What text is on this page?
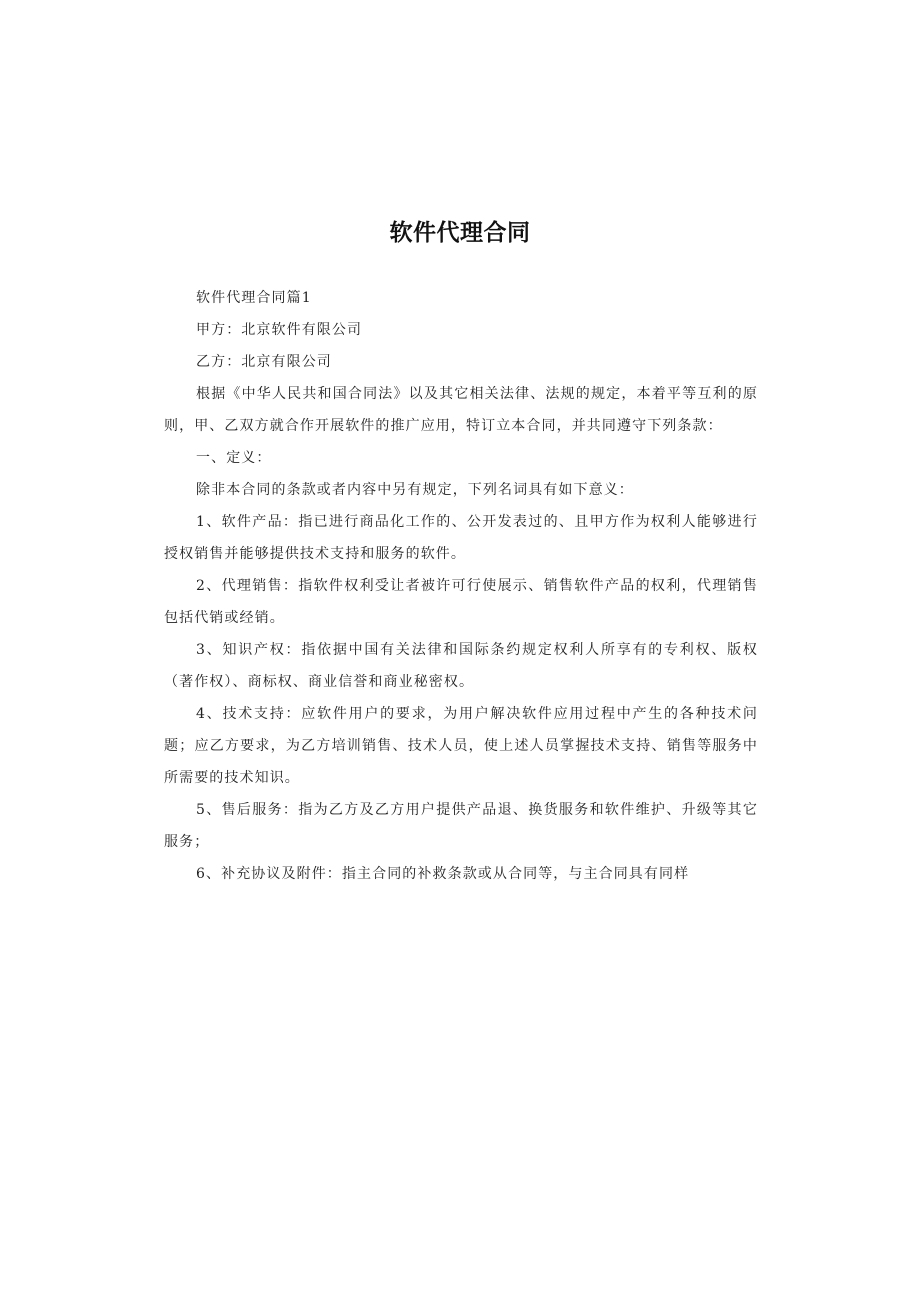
软件代理合同

软件代理合同篇1

甲方：北京软件有限公司

乙方：北京有限公司

根据《中华人民共和国合同法》以及其它相关法律、法规的规定，本着平等互利的原则，甲、乙双方就合作开展软件的推广应用，特订立本合同，并共同遵守下列条款：

一、定义：

除非本合同的条款或者内容中另有规定，下列名词具有如下意义：

1、软件产品：指已进行商品化工作的、公开发表过的、且甲方作为权利人能够进行授权销售并能够提供技术支持和服务的软件。

2、代理销售：指软件权利受让者被许可行使展示、销售软件产品的权利，代理销售包括代销或经销。

3、知识产权：指依据中国有关法律和国际条约规定权利人所享有的专利权、版权（著作权）、商标权、商业信誉和商业秘密权。

4、技术支持：应软件用户的要求，为用户解决软件应用过程中产生的各种技术问题；应乙方要求，为乙方培训销售、技术人员，使上述人员掌握技术支持、销售等服务中所需要的技术知识。

5、售后服务：指为乙方及乙方用户提供产品退、换货服务和软件维护、升级等其它服务；

6、补充协议及附件：指主合同的补救条款或从合同等，与主合同具有同样
